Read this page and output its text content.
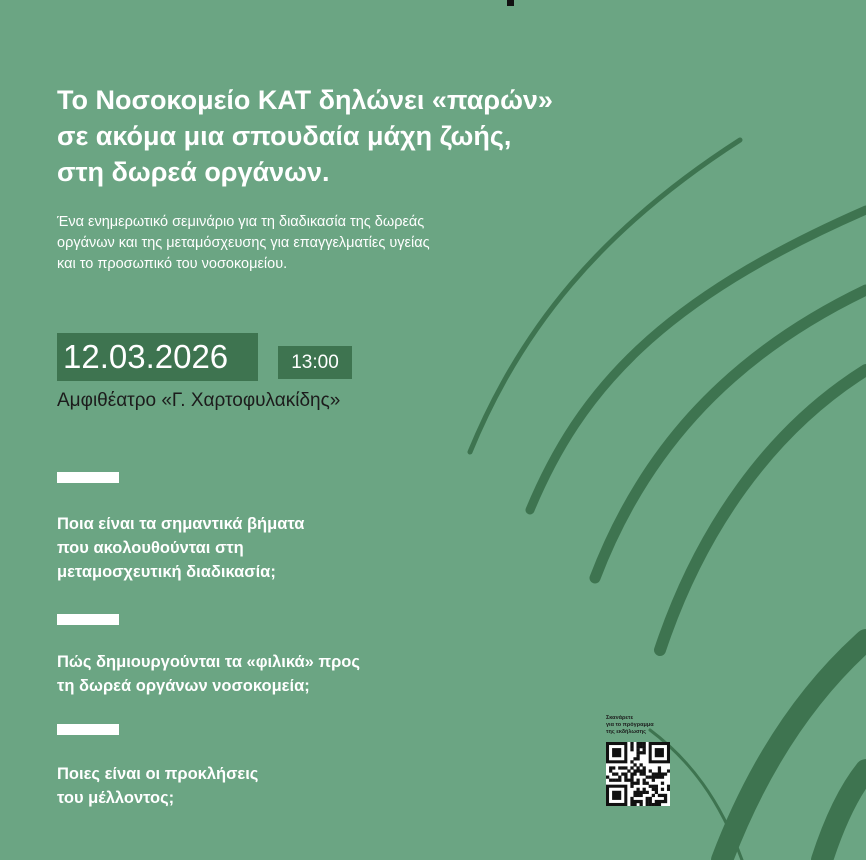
Το Νοσοκομείο ΚΑΤ δηλώνει «παρών»
σε ακόμα μια σπουδαία μάχη ζωής,
στη δωρεά οργάνων.
Ένα ενημερωτικό σεμινάριο για τη διαδικασία της δωρεάς
οργάνων και της μεταμόσχευσης για επαγγελματίες υγείας
και το προσωπικό του νοσοκομείου.
12.03.2026	13:00
Αμφιθέατρο «Γ. Χαρτοφυλακίδης»
Ποια είναι τα σημαντικά βήματα
που ακολουθούνται στη
μεταμοσχευτική διαδικασία;
Πώς δημιουργούνται τα «φιλικά» προς
τη δωρεά οργάνων νοσοκομεία;
Ποιες είναι οι προκλήσεις
του μέλλοντος;
Σκανάρετε
για το πρόγραμμα
της εκδήλωσης
